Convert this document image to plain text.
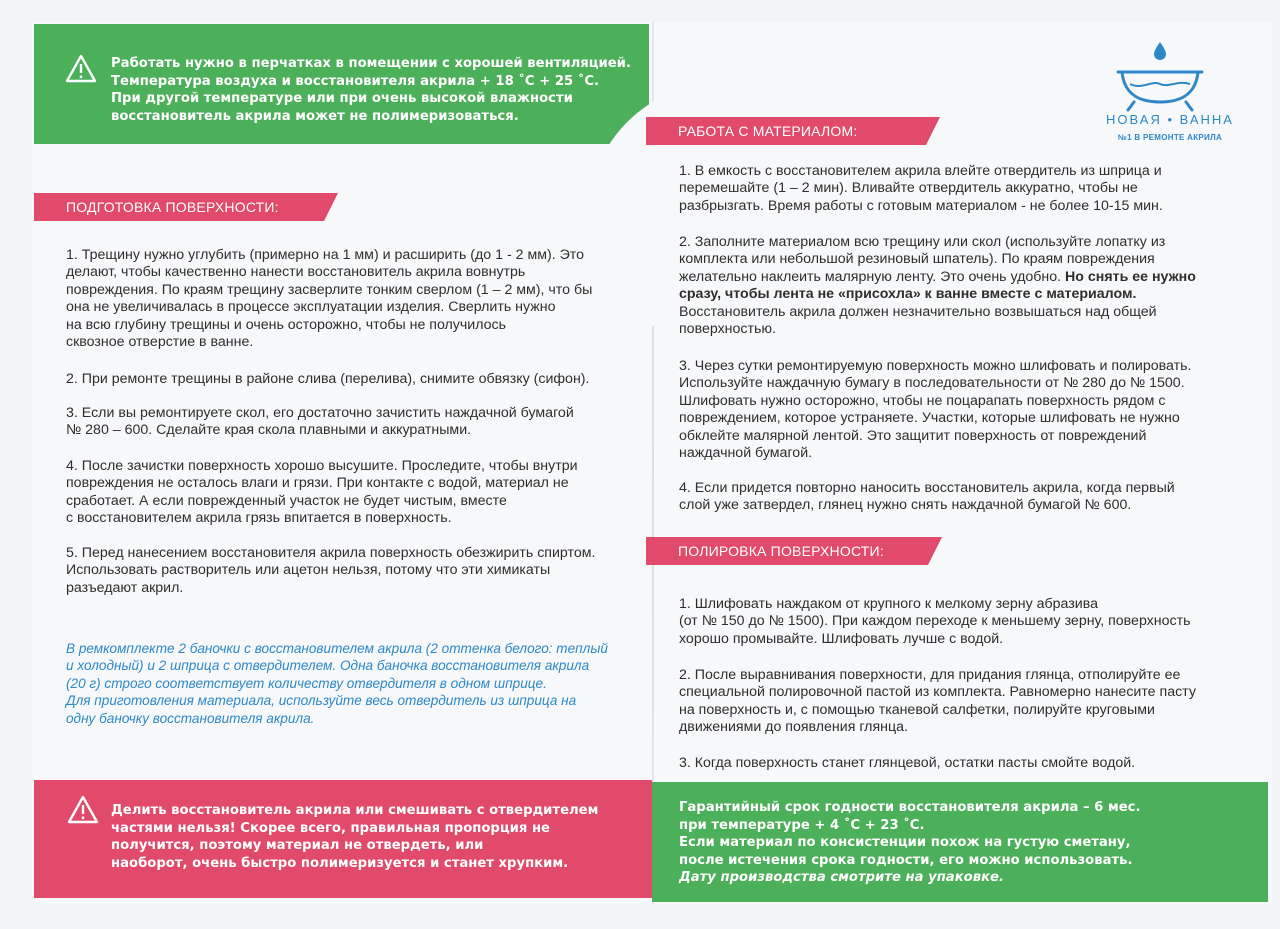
Работать нужно в перчатках в помещении с хорошей вентиляцией.
Температура воздуха и восстановителя акрила + 18 ˚С + 25 ˚С.
При другой температуре или при очень высокой влажности
восстановитель акрила может не полимеризоваться.	НОВАЯ • ВАННА
№1 В РЕМОНТЕ АКРИЛА
ПОДГОТОВКА ПОВЕРХНОСТИ:
1. Трещину нужно углубить (примерно на 1 мм) и расширить (до 1 - 2 мм). Это
делают, чтобы качественно нанести восстановитель акрила вовнутрь
повреждения. По краям трещину засверлите тонким сверлом (1 – 2 мм), что бы
она не увеличивалась в процессе эксплуатации изделия. Сверлить нужно
на всю глубину трещины и очень осторожно, чтобы не получилось
сквозное отверстие в ванне.
2. При ремонте трещины в районе слива (перелива), снимите обвязку (сифон).
3. Если вы ремонтируете скол, его достаточно зачистить наждачной бумагой
№ 280 – 600. Сделайте края скола плавными и аккуратными.
4. После зачистки поверхность хорошо высушите. Проследите, чтобы внутри
повреждения не осталось влаги и грязи. При контакте с водой, материал не
сработает. А если поврежденный участок не будет чистым, вместе
с восстановителем акрила грязь впитается в поверхность.
5. Перед нанесением восстановителя акрила поверхность обезжирить спиртом.
Использовать растворитель или ацетон нельзя, потому что эти химикаты
разъедают акрил.
В ремкомплекте 2 баночки с восстановителем акрила (2 оттенка белого: теплый
и холодный) и 2 шприца с отвердителем. Одна баночка восстановителя акрила
(20 г) строго соответствует количеству отвердителя в одном шприце.
Для приготовления материала, используйте весь отвердитель из шприца на
одну баночку восстановителя акрила.
Делить восстановитель акрила или смешивать с отвердителем
частями нельзя! Скорее всего, правильная пропорция не
получится, поэтому материал не отвердеть, или
наоборот, очень быстро полимеризуется и станет хрупким.
РАБОТА С МАТЕРИАЛОМ:
1. В емкость с восстановителем акрила влейте отвердитель из шприца и
перемешайте (1 – 2 мин). Вливайте отвердитель аккуратно, чтобы не
разбрызгать. Время работы с готовым материалом - не более 10-15 мин.
2. Заполните материалом всю трещину или скол (используйте лопатку из
комплекта или небольшой резиновый шпатель). По краям повреждения
желательно наклеить малярную ленту. Это очень удобно. Но снять ее нужно
сразу, чтобы лента не «присохла» к ванне вместе с материалом.
Восстановитель акрила должен незначительно возвышаться над общей
поверхностью.
3. Через сутки ремонтируемую поверхность можно шлифовать и полировать.
Используйте наждачную бумагу в последовательности от № 280 до № 1500.
Шлифовать нужно осторожно, чтобы не поцарапать поверхность рядом с
повреждением, которое устраняете. Участки, которые шлифовать не нужно
обклейте малярной лентой. Это защитит поверхность от повреждений
наждачной бумагой.
4. Если придется повторно наносить восстановитель акрила, когда первый
слой уже затвердел, глянец нужно снять наждачной бумагой № 600.
ПОЛИРОВКА ПОВЕРХНОСТИ:
1. Шлифовать наждаком от крупного к мелкому зерну абразива
(от № 150 до № 1500). При каждом переходе к меньшему зерну, поверхность
хорошо промывайте. Шлифовать лучше с водой.
2. После выравнивания поверхности, для придания глянца, отполируйте ее
специальной полировочной пастой из комплекта. Равномерно нанесите пасту
на поверхность и, с помощью тканевой салфетки, полируйте круговыми
движениями до появления глянца.
3. Когда поверхность станет глянцевой, остатки пасты смойте водой.
Гарантийный срок годности восстановителя акрила – 6 мес.
при температуре + 4 ˚С + 23 ˚С.
Если материал по консистенции похож на густую сметану,
после истечения срока годности, его можно использовать.
Дату производства смотрите на упаковке.
